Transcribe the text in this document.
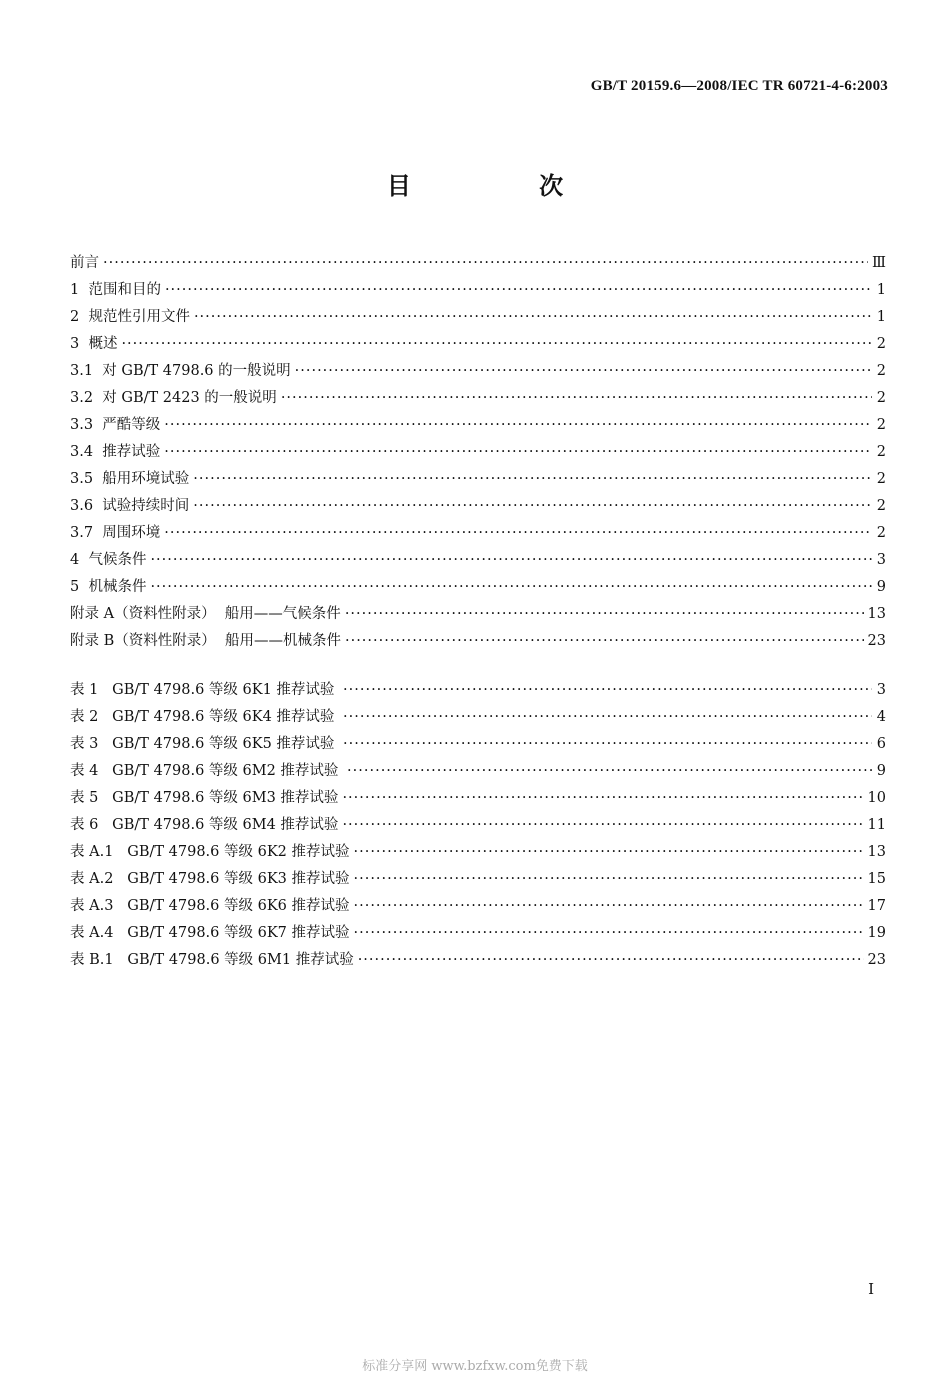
GB/T 20159.6—2008/IEC TR 60721-4-6:2003
目 次
前言 ·····	Ⅲ
1  范围和目的 ·····	1
2  规范性引用文件 ·····	1
3  概述 ·····	2
3.1  对 GB/T 4798.6 的一般说明 ·····	2
3.2  对 GB/T 2423 的一般说明 ·····	2
3.3  严酷等级 ·····	2
3.4  推荐试验 ·····	2
3.5  船用环境试验 ·····	2
3.6  试验持续时间 ·····	2
3.7  周围环境 ·····	2
4  气候条件 ·····	3
5  机械条件 ·····	9
附录 A（资料性附录）  船用——气候条件 ·····	13
附录 B（资料性附录）  船用——机械条件 ·····	23
表 1   GB/T 4798.6 等级 6K1 推荐试验 ·····	3
表 2   GB/T 4798.6 等级 6K4 推荐试验 ·····	4
表 3   GB/T 4798.6 等级 6K5 推荐试验 ·····	6
表 4   GB/T 4798.6 等级 6M2 推荐试验 ·····	9
表 5   GB/T 4798.6 等级 6M3 推荐试验 ·····	10
表 6   GB/T 4798.6 等级 6M4 推荐试验 ·····	11
表 A.1   GB/T 4798.6 等级 6K2 推荐试验 ·····	13
表 A.2   GB/T 4798.6 等级 6K3 推荐试验 ·····	15
表 A.3   GB/T 4798.6 等级 6K6 推荐试验 ·····	17
表 A.4   GB/T 4798.6 等级 6K7 推荐试验 ·····	19
表 B.1   GB/T 4798.6 等级 6M1 推荐试验 ·····	23
I
标准分享网 www.bzfxw.com免费下载
